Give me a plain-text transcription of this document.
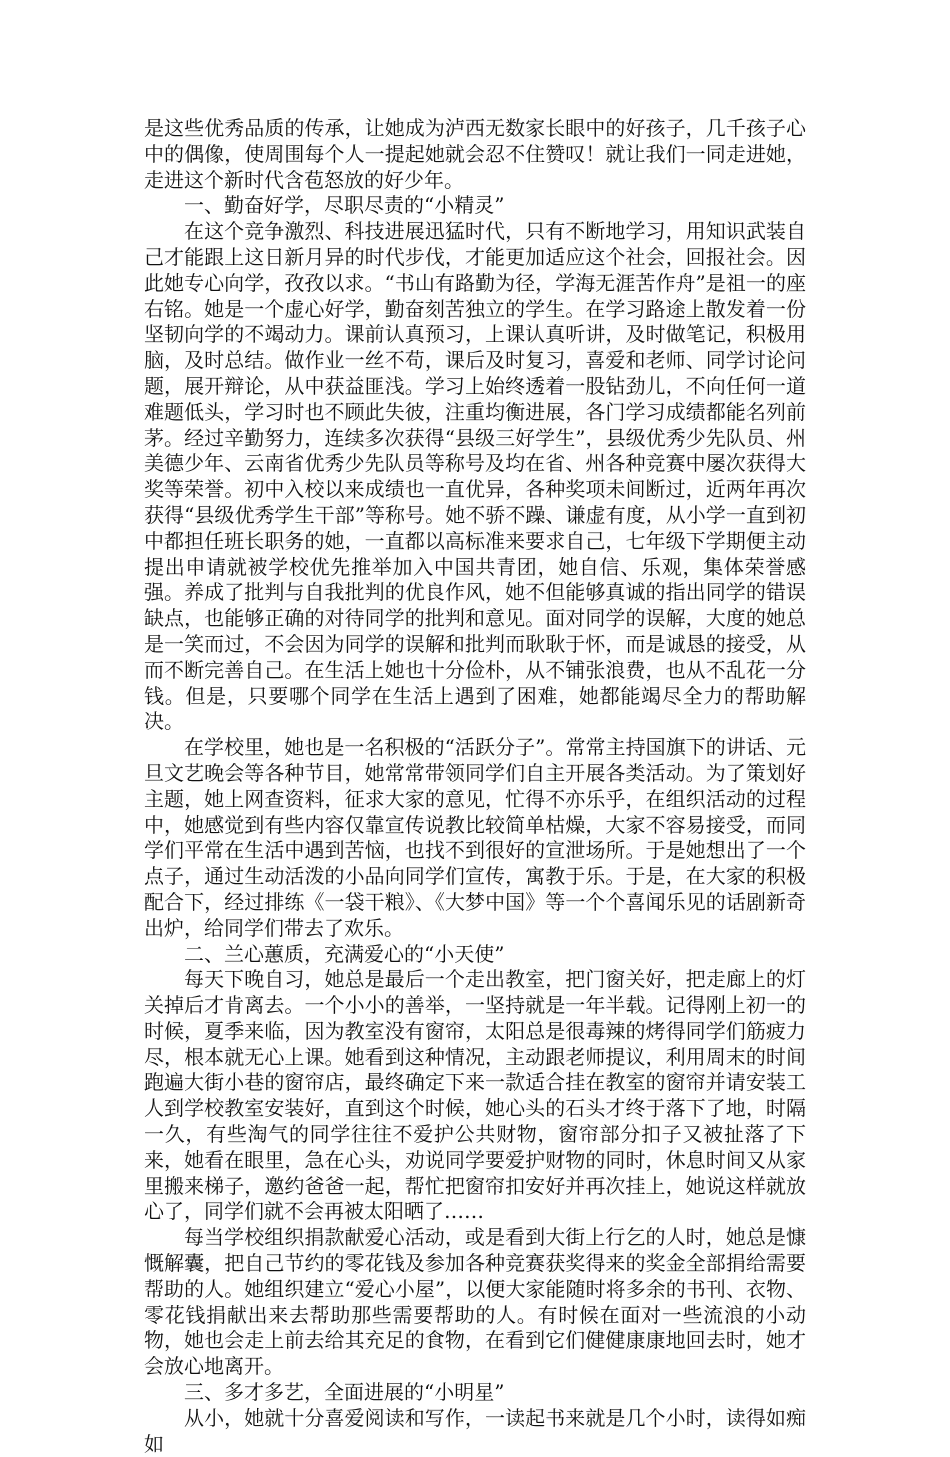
是这些优秀品质的传承，让她成为泸西无数家长眼中的好孩子，几千孩子心中的偶像，使周围每个人一提起她就会忍不住赞叹！就让我们一同走进她，走进这个新时代含苞怒放的好少年。

一、勤奋好学，尽职尽责的“小精灵”

在这个竞争激烈、科技进展迅猛时代，只有不断地学习，用知识武装自己才能跟上这日新月异的时代步伐，才能更加适应这个社会，回报社会。因此她专心向学，孜孜以求。“书山有路勤为径，学海无涯苦作舟”是祖一的座右铭。她是一个虚心好学，勤奋刻苦独立的学生。在学习路途上散发着一份坚韧向学的不竭动力。课前认真预习，上课认真听讲，及时做笔记，积极用脑，及时总结。做作业一丝不苟，课后及时复习，喜爱和老师、同学讨论问题，展开辩论，从中获益匪浅。学习上始终透着一股钻劲儿，不向任何一道难题低头，学习时也不顾此失彼，注重均衡进展，各门学习成绩都能名列前茅。经过辛勤努力，连续多次获得“县级三好学生”，县级优秀少先队员、州美德少年、云南省优秀少先队员等称号及均在省、州各种竞赛中屡次获得大奖等荣誉。初中入校以来成绩也一直优异，各种奖项未间断过，近两年再次获得“县级优秀学生干部”等称号。她不骄不躁、谦虚有度，从小学一直到初中都担任班长职务的她，一直都以高标准来要求自己，七年级下学期便主动提出申请就被学校优先推举加入中国共青团，她自信、乐观，集体荣誉感强。养成了批判与自我批判的优良作风，她不但能够真诚的指出同学的错误缺点，也能够正确的对待同学的批判和意见。面对同学的误解，大度的她总是一笑而过，不会因为同学的误解和批判而耿耿于怀，而是诚恳的接受，从而不断完善自己。在生活上她也十分俭朴，从不铺张浪费，也从不乱花一分钱。但是，只要哪个同学在生活上遇到了困难，她都能竭尽全力的帮助解决。

在学校里，她也是一名积极的“活跃分子”。常常主持国旗下的讲话、元旦文艺晚会等各种节目，她常常带领同学们自主开展各类活动。为了策划好主题，她上网查资料，征求大家的意见，忙得不亦乐乎，在组织活动的过程中，她感觉到有些内容仅靠宣传说教比较简单枯燥，大家不容易接受，而同学们平常在生活中遇到苦恼，也找不到很好的宣泄场所。于是她想出了一个点子，通过生动活泼的小品向同学们宣传，寓教于乐。于是，在大家的积极配合下，经过排练《一袋干粮》、《大梦中国》等一个个喜闻乐见的话剧新奇出炉，给同学们带去了欢乐。

二、兰心蕙质，充满爱心的“小天使”

每天下晚自习，她总是最后一个走出教室，把门窗关好，把走廊上的灯关掉后才肯离去。一个小小的善举，一坚持就是一年半载。记得刚上初一的时候，夏季来临，因为教室没有窗帘，太阳总是很毒辣的烤得同学们筋疲力尽，根本就无心上课。她看到这种情况，主动跟老师提议，利用周末的时间跑遍大街小巷的窗帘店，最终确定下来一款适合挂在教室的窗帘并请安装工人到学校教室安装好，直到这个时候，她心头的石头才终于落下了地，时隔一久，有些淘气的同学往往不爱护公共财物，窗帘部分扣子又被扯落了下来，她看在眼里，急在心头，劝说同学要爱护财物的同时，休息时间又从家里搬来梯子，邀约爸爸一起，帮忙把窗帘扣安好并再次挂上，她说这样就放心了，同学们就不会再被太阳晒了……

每当学校组织捐款献爱心活动，或是看到大街上行乞的人时，她总是慷慨解囊，把自己节约的零花钱及参加各种竞赛获奖得来的奖金全部捐给需要帮助的人。她组织建立“爱心小屋”，以便大家能随时将多余的书刊、衣物、零花钱捐献出来去帮助那些需要帮助的人。有时候在面对一些流浪的小动物，她也会走上前去给其充足的食物，在看到它们健健康康地回去时，她才会放心地离开。

三、多才多艺，全面进展的“小明星”

从小，她就十分喜爱阅读和写作，一读起书来就是几个小时，读得如痴如
